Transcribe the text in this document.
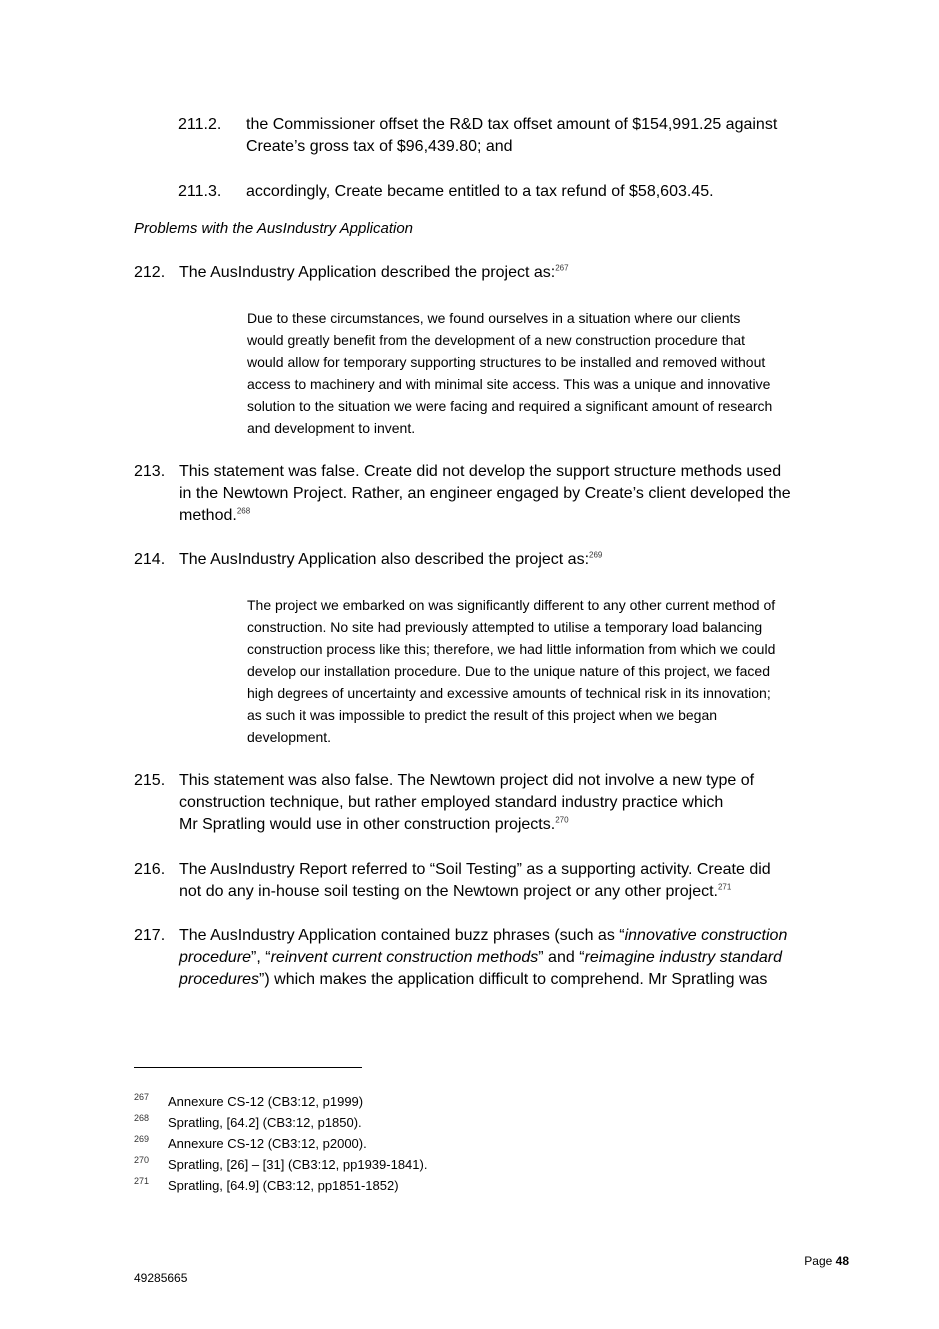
211.2. the Commissioner offset the R&D tax offset amount of $154,991.25 against
Create’s gross tax of $96,439.80; and
211.3. accordingly, Create became entitled to a tax refund of $58,603.45.
Problems with the AusIndustry Application
212. The AusIndustry Application described the project as:$^{267}$

Due to these circumstances, we found ourselves in a situation where our clients

would greatly benefit from the development of a new construction procedure that

would allow for temporary supporting structures to be installed and removed without

access to machinery and with minimal site access. This was a unique and innovative

solution to the situation we were facing and required a significant amount of research

and development to invent.

213. This statement was false. Create did not develop the support structure methods used
in the Newtown Project. Rather, an engineer engaged by Create’s client developed the
method.$^{268}$
214. The AusIndustry Application also described the project as:$^{269}$

The project we embarked on was significantly different to any other current method of

construction. No site had previously attempted to utilise a temporary load balancing

construction process like this; therefore, we had little information from which we could

develop our installation procedure. Due to the unique nature of this project, we faced

high degrees of uncertainty and excessive amounts of technical risk in its innovation;

as such it was impossible to predict the result of this project when we began

development.

215. This statement was also false. The Newtown project did not involve a new type of
construction technique, but rather employed standard industry practice which
Mr Spratling would use in other construction projects.$^{270}$
216. The AusIndustry Report referred to “Soil Testing” as a supporting activity. Create did
not do any in-house soil testing on the Newtown project or any other project.$^{271}$
217. The AusIndustry Application contained buzz phrases (such as “innovative construction
procedure”, “reinvent current construction methods” and “reimagine industry standard
procedures”) which makes the application difficult to comprehend. Mr Spratling was
267 Annexure CS-12 (CB3:12, p1999)
268 Spratling, [64.2] (CB3:12, p1850).
269 Annexure CS-12 (CB3:12, p2000).
270 Spratling, [26] – [31] (CB3:12, pp1939-1841).
271 Spratling, [64.9] (CB3:12, pp1851-1852)
Page 48
49285665
